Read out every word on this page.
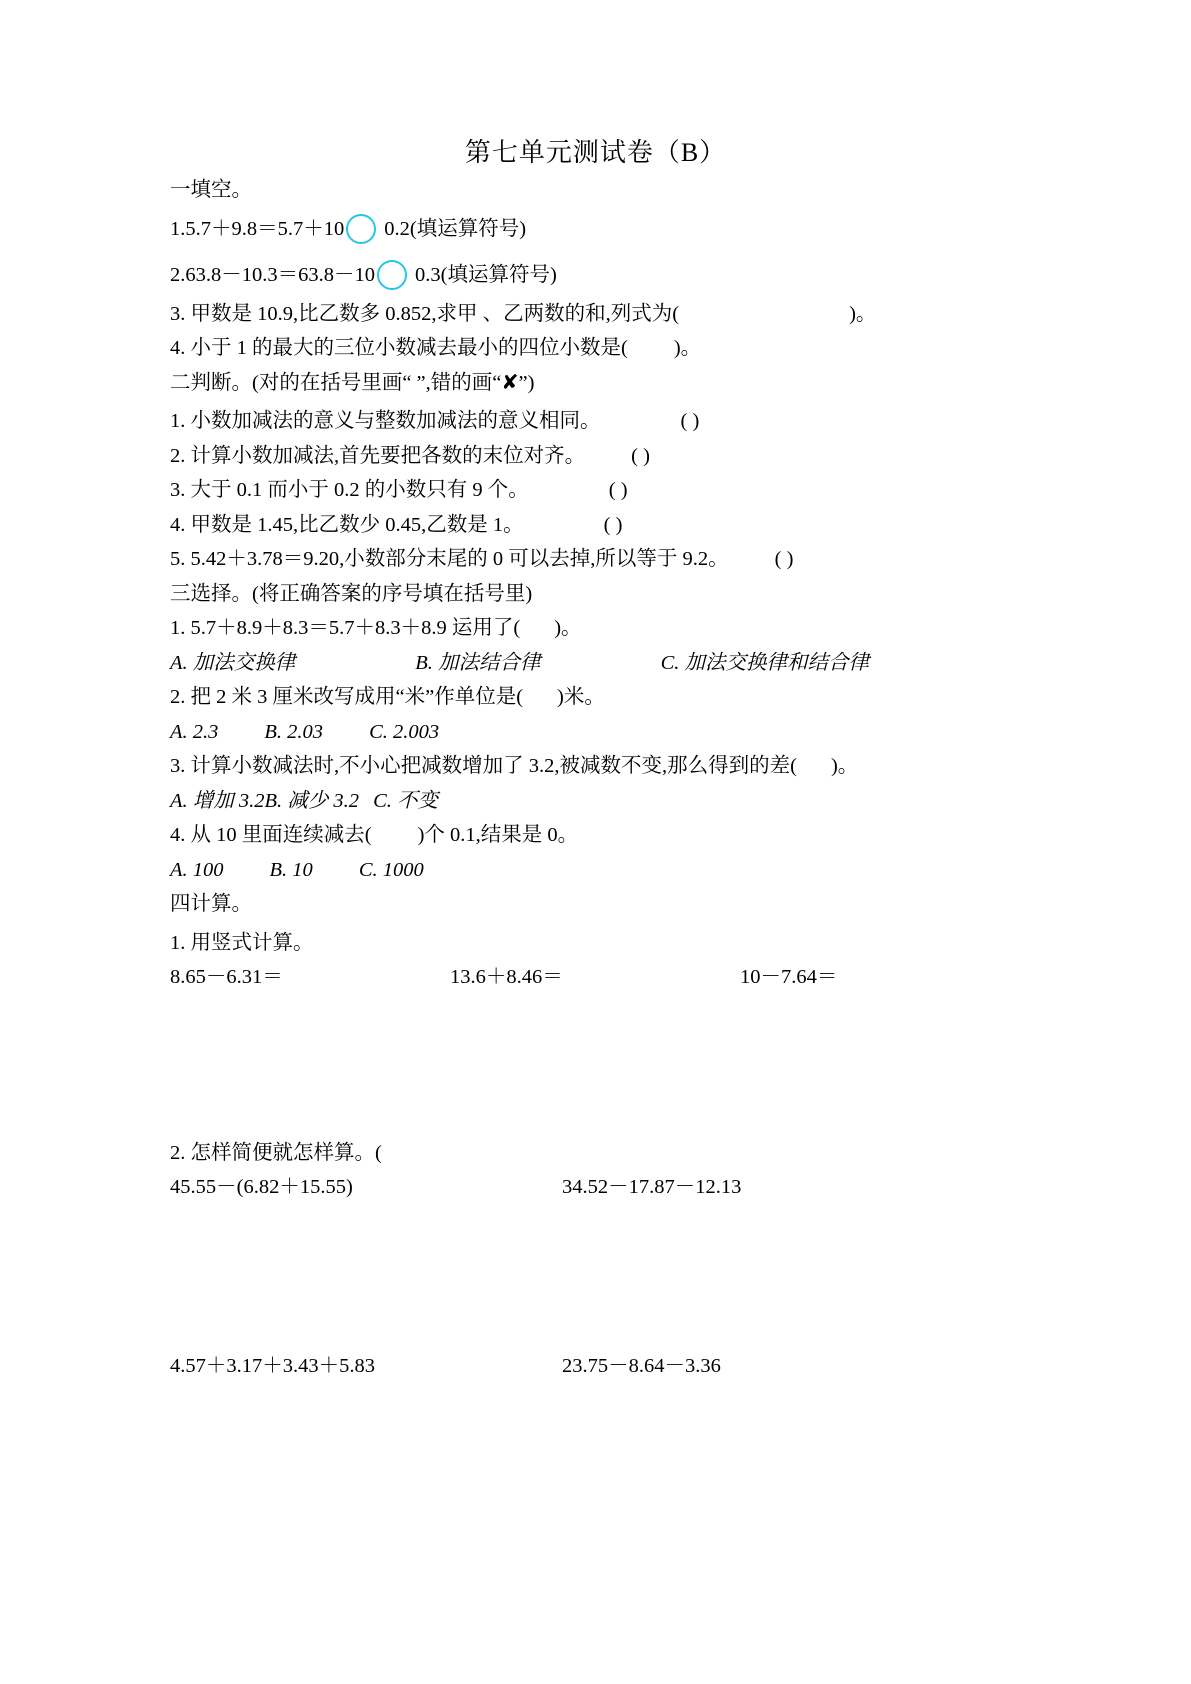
第七单元测试卷（B）
一填空。
1.5.7＋9.8＝5.7＋10 0.2(填运算符号)
2.63.8－10.3＝63.8－10 0.3(填运算符号)
3. 甲数是 10.9,比乙数多 0.852,求甲 、乙两数的和,列式为(	)。
4. 小于 1 的最大的三位小数减去最小的四位小数是( )。
二判断。(对的在括号里画“ ”,错的画“✘”)
1. 小数加减法的意义与整数加减法的意义相同。	( )
2. 计算小数加减法,首先要把各数的末位对齐。 ( )
3. 大于 0.1 而小于 0.2 的小数只有 9 个。	( )
4. 甲数是 1.45,比乙数少 0.45,乙数是 1。	( )
5. 5.42＋3.78＝9.20,小数部分末尾的 0 可以去掉,所以等于 9.2。 ( )
三选择。(将正确答案的序号填在括号里)
1. 5.7＋8.9＋8.3＝5.7＋8.3＋8.9 运用了( )。
A. 加法交换律	B. 加法结合律	C. 加法交换律和结合律
2. 把 2 米 3 厘米改写成用“米”作单位是( )米。
A. 2.3 B. 2.03 C. 2.003
3. 计算小数减法时,不小心把减数增加了 3.2,被减数不变,那么得到的差( )。
A. 增加 3.2B. 减少 3.2 C. 不变
4. 从 10 里面连续减去( )个 0.1,结果是 0。
A. 100 B. 10 C. 1000
四计算。
1. 用竖式计算。
8.65－6.31＝	13.6＋8.46＝	10－7.64＝
2. 怎样简便就怎样算。(
45.55－(6.82＋15.55)	34.52－17.87－12.13
4.57＋3.17＋3.43＋5.83	23.75－8.64－3.36
